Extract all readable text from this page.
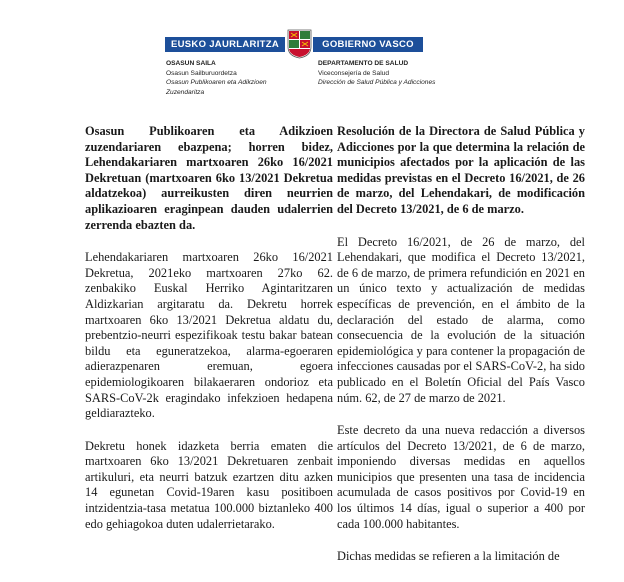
EUSKO JAURLARITZA	GOBIERNO VASCO
OSASUN SAILA
Osasun Sailburuordetza
Osasun Publikoaren eta Adikzioen
Zuzendaritza
DEPARTAMENTO DE SALUD
Viceconsejería de Salud
Dirección de Salud Pública y Adicciones

Osasun Publikoaren eta Adikzioen zuzendariaren ebazpena; horren bidez, Lehendakariaren martxoaren 26ko 16/2021 Dekretuan (martxoaren 6ko 13/2021 Dekretua aldatzekoa) aurreikusten diren neurrien aplikazioaren eraginpean dauden udalerrien zerrenda ebazten da.

Lehendakariaren martxoaren 26ko 16/2021 Dekretua, 2021eko martxoaren 27ko 62. zenbakiko Euskal Herriko Agintaritzaren Aldizkarian argitaratu da. Dekretu horrek martxoaren 6ko 13/2021 Dekretua aldatu du, prebentzio-neurri espezifikoak testu bakar batean bildu eta eguneratzekoa, alarma-egoeraren adierazpenaren eremuan, egoera epidemiologikoaren bilakaeraren ondorioz eta SARS-CoV-2k eragindako infekzioen hedapena geldiarazteko.

Dekretu honek idazketa berria ematen die martxoaren 6ko 13/2021 Dekretuaren zenbait artikuluri, eta neurri batzuk ezartzen ditu azken 14 egunetan Covid-19aren kasu positiboen intzidentzia-tasa metatua 100.000 biztanleko 400 edo gehiagokoa duten udalerrietarako.

Resolución de la Directora de Salud Pública y Adicciones por la que determina la relación de municipios afectados por la aplicación de las medidas previstas en el Decreto 16/2021, de 26 de marzo, del Lehendakari, de modificación del Decreto 13/2021, de 6 de marzo.

El Decreto 16/2021, de 26 de marzo, del Lehendakari, que modifica el Decreto 13/2021, de 6 de marzo, de primera refundición en 2021 en un único texto y actualización de medidas específicas de prevención, en el ámbito de la declaración del estado de alarma, como consecuencia de la evolución de la situación epidemiológica y para contener la propagación de infecciones causadas por el SARS-CoV-2, ha sido publicado en el Boletín Oficial del País Vasco núm. 62, de 27 de marzo de 2021.

Este decreto da una nueva redacción a diversos artículos del Decreto 13/2021, de 6 de marzo, imponiendo diversas medidas en aquellos municipios que presenten una tasa de incidencia acumulada de casos positivos por Covid-19 en los últimos 14 días, igual o superior a 400 por cada 100.000 habitantes.

Dichas medidas se refieren a la limitación de
